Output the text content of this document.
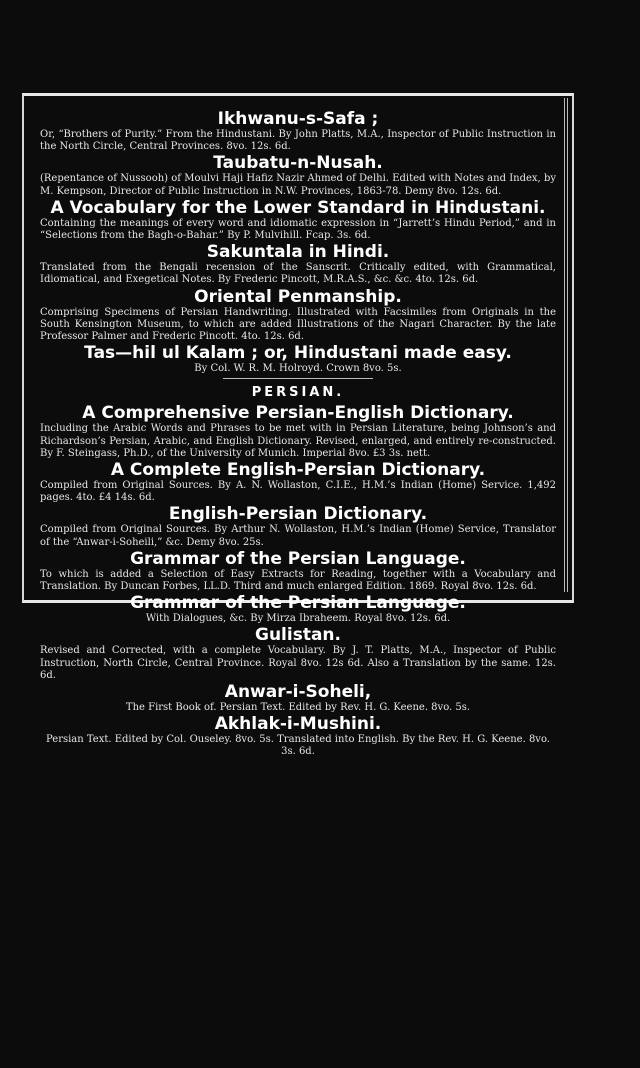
Ikhwanu-s-Safa ;
Or, “Brothers of Purity.” From the Hindustani. By John Platts, M.A., Inspector of Public Instruction in the North Circle, Central Provinces. 8vo. 12s. 6d.
Taubatu-n-Nusah.
(Repentance of Nussooh) of Moulvi Haji Hafiz Nazir Ahmed of Delhi. Edited with Notes and Index, by M. Kempson, Director of Public Instruction in N.W. Provinces, 1863-78. Demy 8vo. 12s. 6d.
A Vocabulary for the Lower Standard in Hindustani.
Containing the meanings of every word and idiomatic expression in “Jarrett’s Hindu Period,” and in “Selections from the Bagh-o-Bahar.” By P. Mulvihill. Fcap. 3s. 6d.
Sakuntala in Hindi.
Translated from the Bengali recension of the Sanscrit. Critically edited, with Grammatical, Idiomatical, and Exegetical Notes. By Frederic Pincott, M.R.A.S., &c. &c. 4to. 12s. 6d.
Oriental Penmanship.
Comprising Specimens of Persian Handwriting. Illustrated with Facsimiles from Originals in the South Kensington Museum, to which are added Illustrations of the Nagari Character. By the late Professor Palmer and Frederic Pincott. 4to. 12s. 6d.
Tas—hil ul Kalam ; or, Hindustani made easy.
By Col. W. R. M. Holroyd. Crown 8vo. 5s.
PERSIAN.
A Comprehensive Persian-English Dictionary.
Including the Arabic Words and Phrases to be met with in Persian Literature, being Johnson’s and Richardson’s Persian, Arabic, and English Dictionary. Revised, enlarged, and entirely re-constructed. By F. Steingass, Ph.D., of the University of Munich. Imperial 8vo. £3 3s. nett.
A Complete English-Persian Dictionary.
Compiled from Original Sources. By A. N. Wollaston, C.I.E., H.M.’s Indian (Home) Service. 1,492 pages. 4to. £4 14s. 6d.
English-Persian Dictionary.
Compiled from Original Sources. By Arthur N. Wollaston, H.M.’s Indian (Home) Service, Translator of the “Anwar-i-Soheili,” &c. Demy 8vo. 25s.
Grammar of the Persian Language.
To which is added a Selection of Easy Extracts for Reading, together with a Vocabulary and Translation. By Duncan Forbes, LL.D. Third and much enlarged Edition. 1869. Royal 8vo. 12s. 6d.
Grammar of the Persian Language.
With Dialogues, &c. By Mirza Ibraheem. Royal 8vo. 12s. 6d.
Gulistan.
Revised and Corrected, with a complete Vocabulary. By J. T. Platts, M.A., Inspector of Public Instruction, North Circle, Central Province. Royal 8vo. 12s 6d. Also a Translation by the same. 12s. 6d.
Anwar-i-Soheli,
The First Book of. Persian Text. Edited by Rev. H. G. Keene. 8vo. 5s.
Akhlak-i-Mushini.
Persian Text. Edited by Col. Ouseley. 8vo. 5s. Translated into English. By the Rev. H. G. Keene. 8vo. 3s. 6d.
